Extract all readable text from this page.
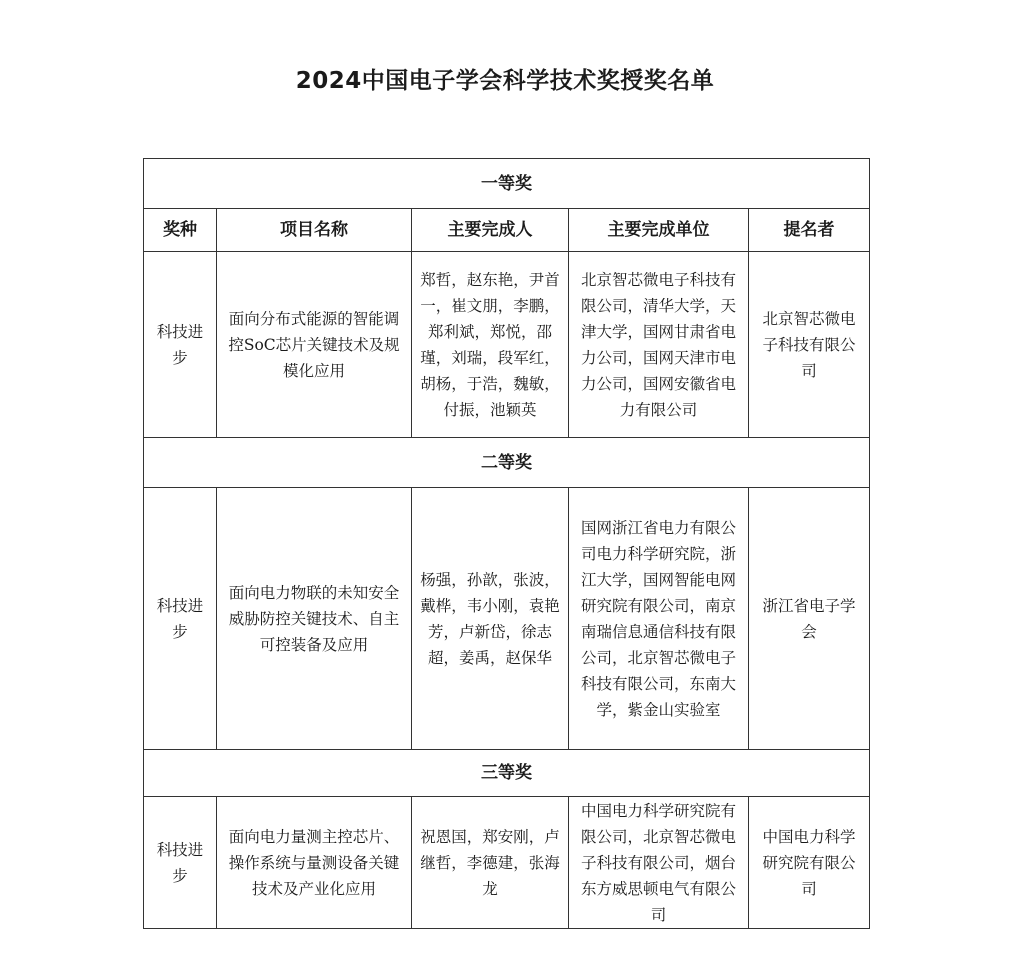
2024中国电子学会科学技术奖授奖名单
一等奖				
奖种	项目名称	主要完成人	主要完成单位	提名者
科技进步	面向分布式能源的智能调控SoC芯片关键技术及规模化应用	郑哲，赵东艳，尹首一，崔文朋，李鹏，郑利斌，郑悦，邵瑾，刘瑞，段军红，胡杨，于浩，魏敏，付振，池颖英	北京智芯微电子科技有限公司，清华大学，天津大学，国网甘肃省电力公司，国网天津市电力公司，国网安徽省电力有限公司	北京智芯微电子科技有限公司
二等奖				
科技进步	面向电力物联的未知安全威胁防控关键技术、自主可控装备及应用	杨强，孙歆，张波，戴桦，韦小刚，袁艳芳，卢新岱，徐志超，姜禹，赵保华	国网浙江省电力有限公司电力科学研究院，浙江大学，国网智能电网研究院有限公司，南京南瑞信息通信科技有限公司，北京智芯微电子科技有限公司，东南大学，紫金山实验室	浙江省电子学会
三等奖				
科技进步	面向电力量测主控芯片、操作系统与量测设备关键技术及产业化应用	祝恩国，郑安刚，卢继哲，李德建，张海龙	中国电力科学研究院有限公司，北京智芯微电子科技有限公司，烟台东方威思顿电气有限公司	中国电力科学研究院有限公司
